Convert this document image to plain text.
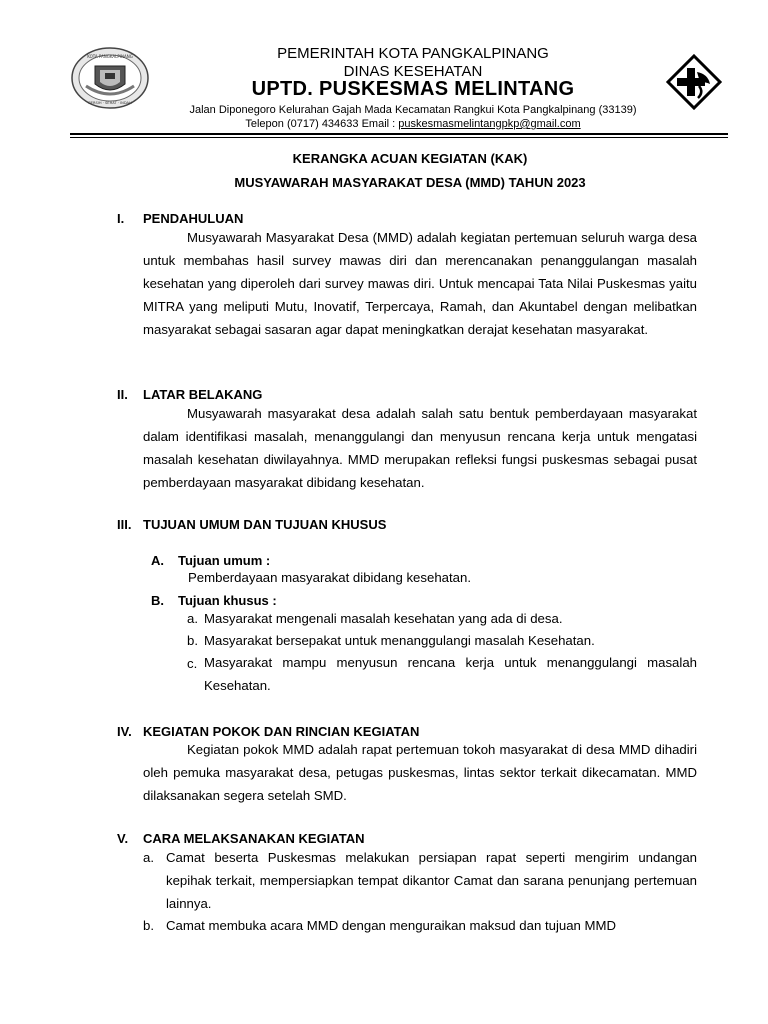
KOTA PANGKALPINANG
BERSIH · SEHAT · INDAH
PEMERINTAH KOTA PANGKALPINANG
DINAS KESEHATAN
UPTD. PUSKESMAS MELINTANG
Jalan Diponegoro Kelurahan Gajah Mada Kecamatan Rangkui Kota Pangkalpinang (33139)
Telepon (0717) 434633 Email : puskesmasmelintangpkp@gmail.com
KERANGKA ACUAN KEGIATAN (KAK)
MUSYAWARAH MASYARAKAT DESA (MMD) TAHUN 2023
I. PENDAHULUAN

Musyawarah Masyarakat Desa (MMD) adalah kegiatan pertemuan seluruh warga desa untuk membahas hasil survey mawas diri dan merencanakan penanggulangan masalah kesehatan yang diperoleh dari survey mawas diri. Untuk mencapai Tata Nilai Puskesmas yaitu MITRA yang meliputi Mutu, Inovatif, Terpercaya, Ramah, dan Akuntabel dengan melibatkan masyarakat sebagai sasaran agar dapat meningkatkan derajat kesehatan masyarakat.

II. LATAR BELAKANG

Musyawarah masyarakat desa adalah salah satu bentuk pemberdayaan masyarakat dalam identifikasi masalah, menanggulangi dan menyusun rencana kerja untuk mengatasi masalah kesehatan diwilayahnya. MMD merupakan refleksi fungsi puskesmas sebagai pusat pemberdayaan masyarakat dibidang kesehatan.

III. TUJUAN UMUM DAN TUJUAN KHUSUS
A. Tujuan umum :
Pemberdayaan masyarakat dibidang kesehatan.
B. Tujuan khusus :
a. Masyarakat mengenali masalah kesehatan yang ada di desa.
b. Masyarakat bersepakat untuk menanggulangi masalah Kesehatan.
c. Masyarakat mampu menyusun rencana kerja untuk menanggulangi masalah Kesehatan.

IV. KEGIATAN POKOK DAN RINCIAN KEGIATAN

Kegiatan pokok MMD adalah rapat pertemuan tokoh masyarakat di desa MMD dihadiri oleh pemuka masyarakat desa, petugas puskesmas, lintas sektor terkait dikecamatan. MMD dilaksanakan segera setelah SMD.

V. CARA MELAKSANAKAN KEGIATAN
a. Camat beserta Puskesmas melakukan persiapan rapat seperti mengirim undangan kepihak terkait, mempersiapkan tempat dikantor Camat dan sarana penunjang pertemuan lainnya.

b. Camat membuka acara MMD dengan menguraikan maksud dan tujuan MMD
